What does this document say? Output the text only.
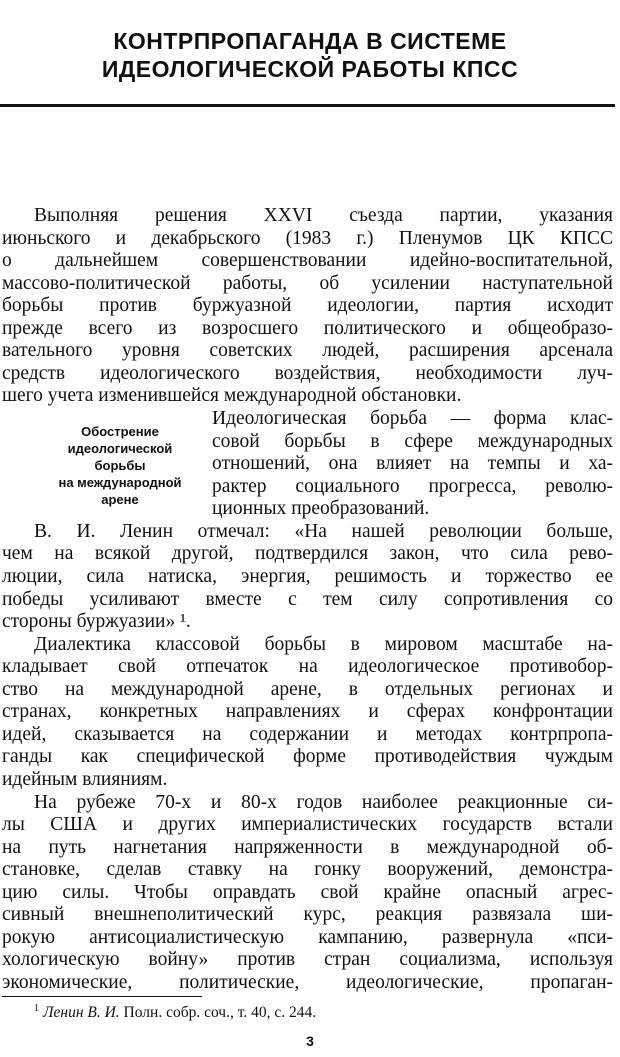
КОНТРПРОПАГАНДА В СИСТЕМЕ
ИДЕОЛОГИЧЕСКОЙ РАБОТЫ КПСС
Выполняя решения XXVI съезда партии, указания
июньского и декабрьского (1983 г.) Пленумов ЦК КПСС
о дальнейшем совершенствовании идейно-воспитательной,
массово-политической работы, об усилении наступательной
борьбы против буржуазной идеологии, партия исходит
прежде всего из возросшего политического и общеобразо-
вательного уровня советских людей, расширения арсенала
средств идеологического воздействия, необходимости луч-
шего учета изменившейся международной обстановки.
Обострение
идеологической
борьбы
на международной
арене
Идеологическая борьба — форма клас-
совой борьбы в сфере международных
отношений, она влияет на темпы и ха-
рактер социального прогресса, револю-
ционных преобразований.
В. И. Ленин отмечал: «На нашей революции больше,
чем на всякой другой, подтвердился закон, что сила рево-
люции, сила натиска, энергия, решимость и торжество ее
победы усиливают вместе с тем силу сопротивления со
стороны буржуазии» ¹.
Диалектика классовой борьбы в мировом масштабе на-
кладывает свой отпечаток на идеологическое противобор-
ство на международной арене, в отдельных регионах и
странах, конкретных направлениях и сферах конфронтации
идей, сказывается на содержании и методах контрпропа-
ганды как специфической форме противодействия чуждым
идейным влияниям.
На рубеже 70-х и 80-х годов наиболее реакционные си-
лы США и других империалистических государств встали
на путь нагнетания напряженности в международной об-
становке, сделав ставку на гонку вооружений, демонстра-
цию силы. Чтобы оправдать свой крайне опасный агрес-
сивный внешнеполитический курс, реакция развязала ши-
$^1$ Ленин В. И. Полн. собр. соч., т. 40, с. 244.
3
рокую антисоциалистическую кампанию, развернула «пси-
хологическую войну» против стран социализма, используя
экономические, политические, идеологические, пропаган-
